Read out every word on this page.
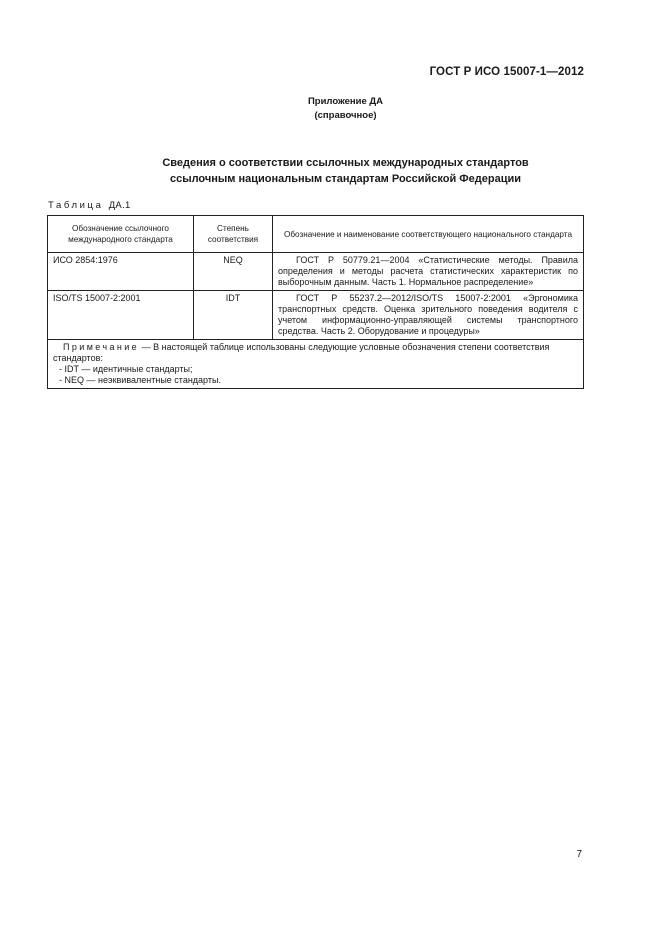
ГОСТ Р ИСО 15007-1—2012
Приложение ДА
(справочное)
Сведения о соответствии ссылочных международных стандартов
ссылочным национальным стандартам Российской Федерации
Таблица ДА.1
Обозначение ссылочного международного стандарта	Степень соответствия	Обозначение и наименование соответствующего национального стандарта
ИСО 2854:1976	NEQ	ГОСТ Р 50779.21—2004 «Статистические методы. Правила определения и методы расчета статистических характеристик по выборочным данным. Часть 1. Нормальное распределение»
ISO/TS 15007-2:2001	IDT	ГОСТ Р 55237.2—2012/ISO/TS 15007-2:2001 «Эргономика транспортных средств. Оценка зрительного поведения водителя с учетом информационно-управляющей системы транспортного средства. Часть 2. Оборудование и процедуры»

Примечание — В настоящей таблице использованы следующие условные обозначения степени соответствия стандартов:
- IDT — идентичные стандарты;
- NEQ — неэквивалентные стандарты.		
7
